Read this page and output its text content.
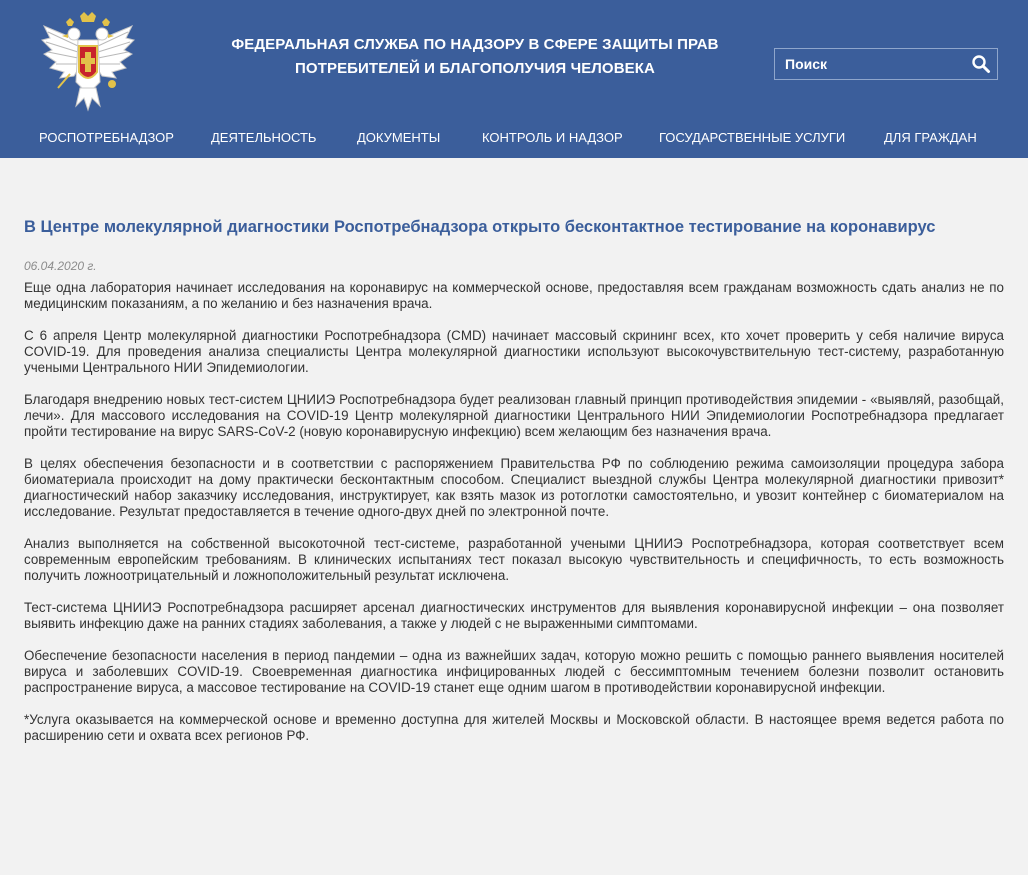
ФЕДЕРАЛЬНАЯ СЛУЖБА ПО НАДЗОРУ В СФЕРЕ ЗАЩИТЫ ПРАВ
ПОТРЕБИТЕЛЕЙ И БЛАГОПОЛУЧИЯ ЧЕЛОВЕКА
Поиск
РОСПОТРЕБНАДЗОР	ДЕЯТЕЛЬНОСТЬ	ДОКУМЕНТЫ	КОНТРОЛЬ И НАДЗОР	ГОСУДАРСТВЕННЫЕ УСЛУГИ	ДЛЯ ГРАЖДАН
В Центре молекулярной диагностики Роспотребнадзора открыто бесконтактное тестирование на коронавирус
06.04.2020 г.
Еще одна лаборатория начинает исследования на коронавирус на коммерческой основе, предоставляя всем гражданам возможность сдать анализ не по медицинским показаниям, а по желанию и без назначения врача.
С 6 апреля Центр молекулярной диагностики Роспотребнадзора (CMD) начинает массовый скрининг всех, кто хочет проверить у себя наличие вируса COVID-19. Для проведения анализа специалисты Центра молекулярной диагностики используют высокочувствительную тест-систему, разработанную учеными Центрального НИИ Эпидемиологии.
Благодаря внедрению новых тест-систем ЦНИИЭ Роспотребнадзора будет реализован главный принцип противодействия эпидемии - «выявляй, разобщай, лечи». Для массового исследования на COVID-19 Центр молекулярной диагностики Центрального НИИ Эпидемиологии Роспотребнадзора предлагает пройти тестирование на вирус SARS-CoV-2 (новую коронавирусную инфекцию) всем желающим без назначения врача.
В целях обеспечения безопасности и в соответствии с распоряжением Правительства РФ по соблюдению режима самоизоляции процедура забора биоматериала происходит на дому практически бесконтактным способом. Специалист выездной службы Центра молекулярной диагностики привозит* диагностический набор заказчику исследования, инструктирует, как взять мазок из ротоглотки самостоятельно, и увозит контейнер с биоматериалом на исследование. Результат предоставляется в течение одного-двух дней по электронной почте.
Анализ выполняется на собственной высокоточной тест-системе, разработанной учеными ЦНИИЭ Роспотребнадзора, которая соответствует всем современным европейским требованиям. В клинических испытаниях тест показал высокую чувствительность и специфичность, то есть возможность получить ложноотрицательный и ложноположительный результат исключена.
Тест-система ЦНИИЭ Роспотребнадзора расширяет арсенал диагностических инструментов для выявления коронавирусной инфекции – она позволяет выявить инфекцию даже на ранних стадиях заболевания, а также у людей с не выраженными симптомами.
Обеспечение безопасности населения в период пандемии – одна из важнейших задач, которую можно решить с помощью раннего выявления носителей вируса и заболевших COVID-19. Своевременная диагностика инфицированных людей с бессимптомным течением болезни позволит остановить распространение вируса, а массовое тестирование на COVID-19 станет еще одним шагом в противодействии коронавирусной инфекции.
*Услуга оказывается на коммерческой основе и временно доступна для жителей Москвы и Московской области. В настоящее время ведется работа по расширению сети и охвата всех регионов РФ.
